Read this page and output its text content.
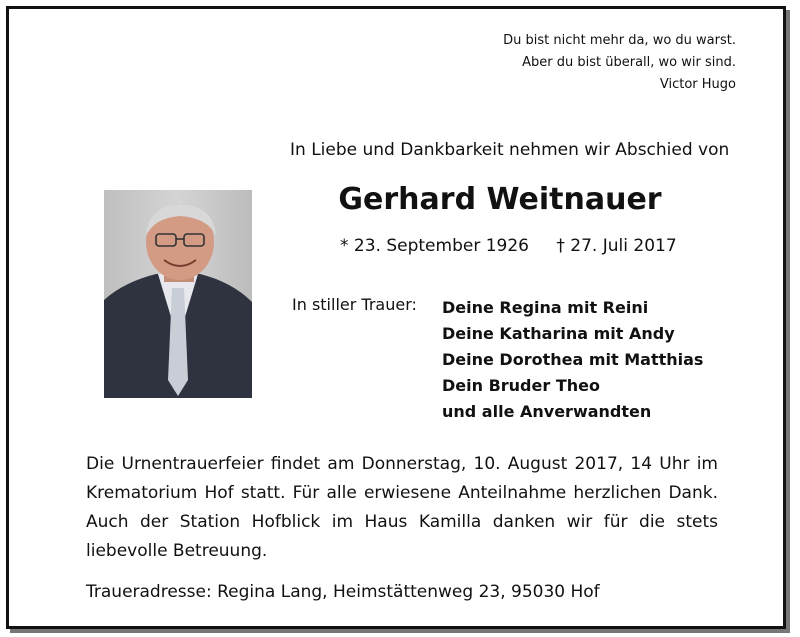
Du bist nicht mehr da, wo du warst.
Aber du bist überall, wo wir sind.
Victor Hugo
In Liebe und Dankbarkeit nehmen wir Abschied von
Gerhard Weitnauer
* 23. September 1926 † 27. Juli 2017
In stiller Trauer: Deine Regina mit Reini
Deine Katharina mit Andy
Deine Dorothea mit Matthias
Dein Bruder Theo
und alle Anverwandten
Die Urnentrauerfeier findet am Donnerstag, 10. August 2017, 14 Uhr im Krematorium Hof statt. Für alle erwiesene Anteilnahme herzlichen Dank. Auch der Station Hofblick im Haus Kamilla danken wir für die stets liebevolle Betreuung.
Traueradresse: Regina Lang, Heimstättenweg 23, 95030 Hof
